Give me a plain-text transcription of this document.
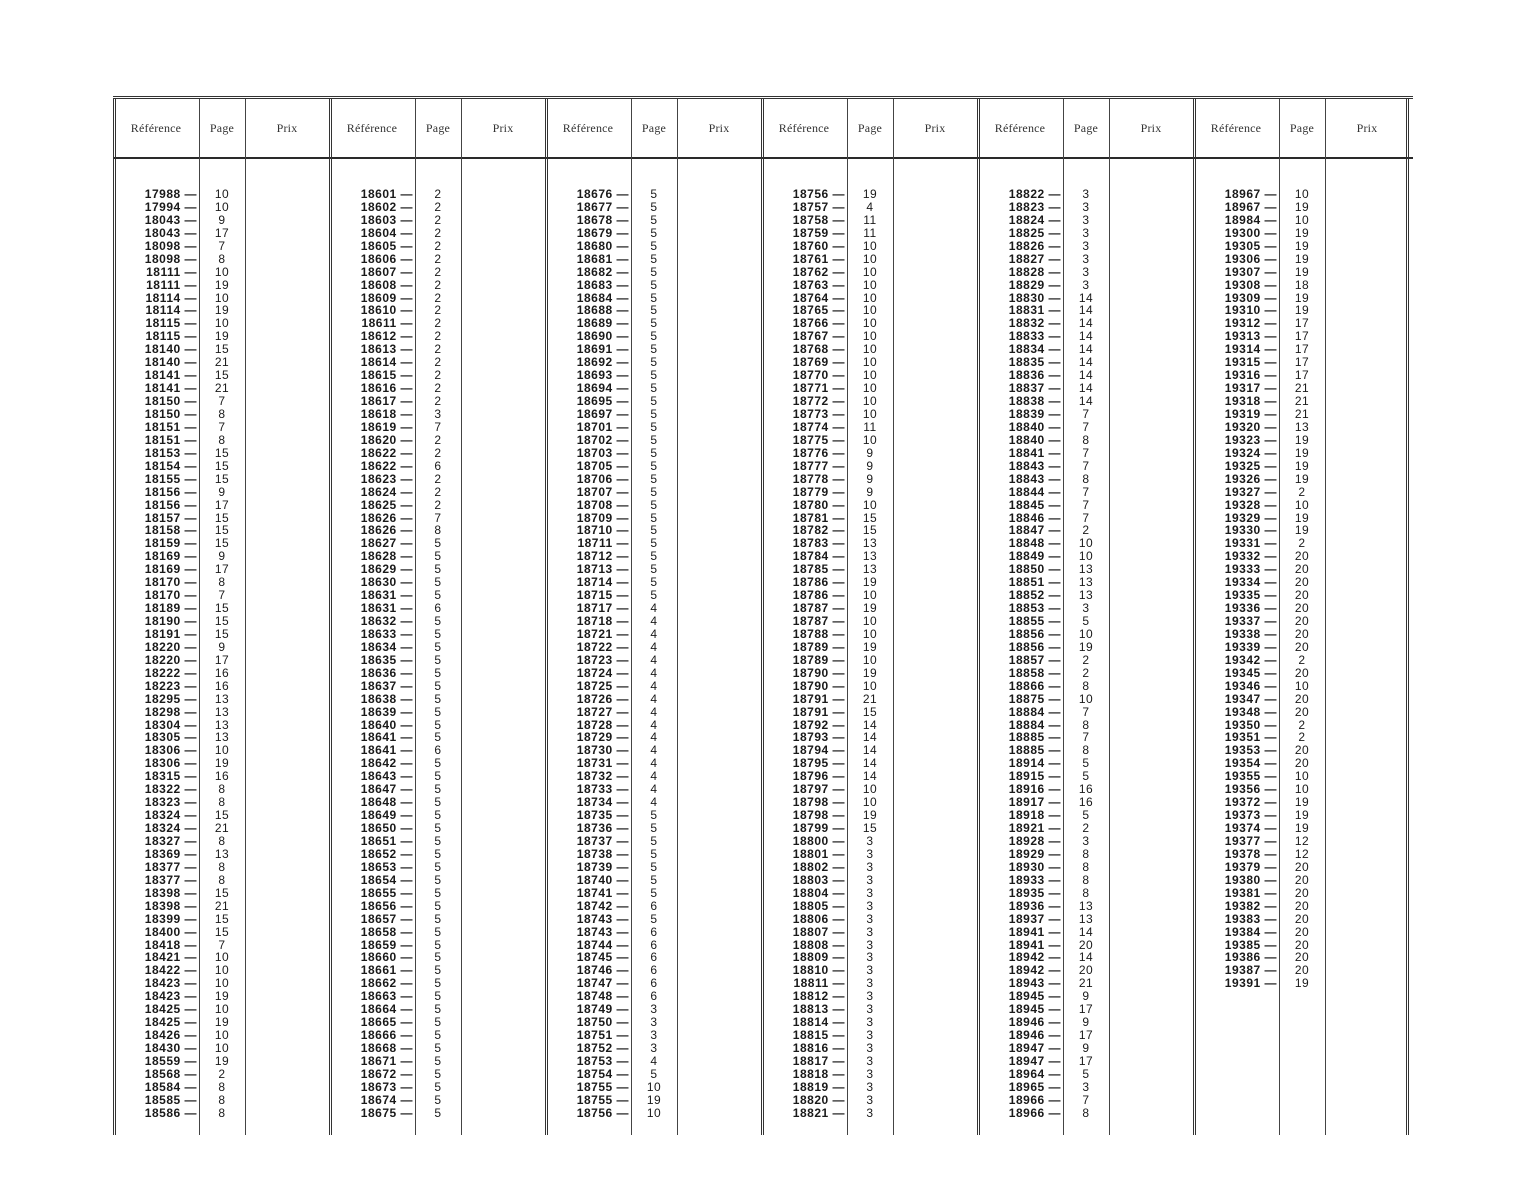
Référence	Page	Prix
17988 —	10
17994 —	10
18043 —	9
18043 —	17
18098 —	7
18098 —	8
18111 —	10
18111 —	19
18114 —	10
18114 —	19
18115 —	10
18115 —	19
18140 —	15
18140 —	21
18141 —	15
18141 —	21
18150 —	7
18150 —	8
18151 —	7
18151 —	8
18153 —	15
18154 —	15
18155 —	15
18156 —	9
18156 —	17
18157 —	15
18158 —	15
18159 —	15
18169 —	9
18169 —	17
18170 —	8
18170 —	7
18189 —	15
18190 —	15
18191 —	15
18220 —	9
18220 —	17
18222 —	16
18223 —	16
18295 —	13
18298 —	13
18304 —	13
18305 —	13
18306 —	10
18306 —	19
18315 —	16
18322 —	8
18323 —	8
18324 —	15
18324 —	21
18327 —	8
18369 —	13
18377 —	8
18377 —	8
18398 —	15
18398 —	21
18399 —	15
18400 —	15
18418 —	7
18421 —	10
18422 —	10
18423 —	10
18423 —	19
18425 —	10
18425 —	19
18426 —	10
18430 —	10
18559 —	19
18568 —	2
18584 —	8
18585 —	8
18586 —	8
Référence	Page	Prix
18601 —	2
18602 —	2
18603 —	2
18604 —	2
18605 —	2
18606 —	2
18607 —	2
18608 —	2
18609 —	2
18610 —	2
18611 —	2
18612 —	2
18613 —	2
18614 —	2
18615 —	2
18616 —	2
18617 —	2
18618 —	3
18619 —	7
18620 —	2
18622 —	2
18622 —	6
18623 —	2
18624 —	2
18625 —	2
18626 —	7
18626 —	8
18627 —	5
18628 —	5
18629 —	5
18630 —	5
18631 —	5
18631 —	6
18632 —	5
18633 —	5
18634 —	5
18635 —	5
18636 —	5
18637 —	5
18638 —	5
18639 —	5
18640 —	5
18641 —	5
18641 —	6
18642 —	5
18643 —	5
18647 —	5
18648 —	5
18649 —	5
18650 —	5
18651 —	5
18652 —	5
18653 —	5
18654 —	5
18655 —	5
18656 —	5
18657 —	5
18658 —	5
18659 —	5
18660 —	5
18661 —	5
18662 —	5
18663 —	5
18664 —	5
18665 —	5
18666 —	5
18668 —	5
18671 —	5
18672 —	5
18673 —	5
18674 —	5
18675 —	5
Référence	Page	Prix
18676 —	5
18677 —	5
18678 —	5
18679 —	5
18680 —	5
18681 —	5
18682 —	5
18683 —	5
18684 —	5
18688 —	5
18689 —	5
18690 —	5
18691 —	5
18692 —	5
18693 —	5
18694 —	5
18695 —	5
18697 —	5
18701 —	5
18702 —	5
18703 —	5
18705 —	5
18706 —	5
18707 —	5
18708 —	5
18709 —	5
18710 —	5
18711 —	5
18712 —	5
18713 —	5
18714 —	5
18715 —	5
18717 —	4
18718 —	4
18721 —	4
18722 —	4
18723 —	4
18724 —	4
18725 —	4
18726 —	4
18727 —	4
18728 —	4
18729 —	4
18730 —	4
18731 —	4
18732 —	4
18733 —	4
18734 —	4
18735 —	5
18736 —	5
18737 —	5
18738 —	5
18739 —	5
18740 —	5
18741 —	5
18742 —	6
18743 —	5
18743 —	6
18744 —	6
18745 —	6
18746 —	6
18747 —	6
18748 —	6
18749 —	3
18750 —	3
18751 —	3
18752 —	3
18753 —	4
18754 —	5
18755 —	10
18755 —	19
18756 —	10
Référence	Page	Prix
18756 —	19
18757 —	4
18758 —	11
18759 —	11
18760 —	10
18761 —	10
18762 —	10
18763 —	10
18764 —	10
18765 —	10
18766 —	10
18767 —	10
18768 —	10
18769 —	10
18770 —	10
18771 —	10
18772 —	10
18773 —	10
18774 —	11
18775 —	10
18776 —	9
18777 —	9
18778 —	9
18779 —	9
18780 —	10
18781 —	15
18782 —	15
18783 —	13
18784 —	13
18785 —	13
18786 —	19
18786 —	10
18787 —	19
18787 —	10
18788 —	10
18789 —	19
18789 —	10
18790 —	19
18790 —	10
18791 —	21
18791 —	15
18792 —	14
18793 —	14
18794 —	14
18795 —	14
18796 —	14
18797 —	10
18798 —	10
18798 —	19
18799 —	15
18800 —	3
18801 —	3
18802 —	3
18803 —	3
18804 —	3
18805 —	3
18806 —	3
18807 —	3
18808 —	3
18809 —	3
18810 —	3
18811 —	3
18812 —	3
18813 —	3
18814 —	3
18815 —	3
18816 —	3
18817 —	3
18818 —	3
18819 —	3
18820 —	3
18821 —	3
Référence	Page	Prix
18822 —	3
18823 —	3
18824 —	3
18825 —	3
18826 —	3
18827 —	3
18828 —	3
18829 —	3
18830 —	14
18831 —	14
18832 —	14
18833 —	14
18834 —	14
18835 —	14
18836 —	14
18837 —	14
18838 —	14
18839 —	7
18840 —	7
18840 —	8
18841 —	7
18843 —	7
18843 —	8
18844 —	7
18845 —	7
18846 —	7
18847 —	2
18848 —	10
18849 —	10
18850 —	13
18851 —	13
18852 —	13
18853 —	3
18855 —	5
18856 —	10
18856 —	19
18857 —	2
18858 —	2
18866 —	8
18875 —	10
18884 —	7
18884 —	8
18885 —	7
18885 —	8
18914 —	5
18915 —	5
18916 —	16
18917 —	16
18918 —	5
18921 —	2
18928 —	3
18929 —	8
18930 —	8
18933 —	8
18935 —	8
18936 —	13
18937 —	13
18941 —	14
18941 —	20
18942 —	14
18942 —	20
18943 —	21
18945 —	9
18945 —	17
18946 —	9
18946 —	17
18947 —	9
18947 —	17
18964 —	5
18965 —	3
18966 —	7
18966 —	8
Référence	Page	Prix
18967 —	10
18967 —	19
18984 —	10
19300 —	19
19305 —	19
19306 —	19
19307 —	19
19308 —	18
19309 —	19
19310 —	19
19312 —	17
19313 —	17
19314 —	17
19315 —	17
19316 —	17
19317 —	21
19318 —	21
19319 —	21
19320 —	13
19323 —	19
19324 —	19
19325 —	19
19326 —	19
19327 —	2
19328 —	10
19329 —	19
19330 —	19
19331 —	2
19332 —	20
19333 —	20
19334 —	20
19335 —	20
19336 —	20
19337 —	20
19338 —	20
19339 —	20
19342 —	2
19345 —	20
19346 —	10
19347 —	20
19348 —	20
19350 —	2
19351 —	2
19353 —	20
19354 —	20
19355 —	10
19356 —	10
19372 —	19
19373 —	19
19374 —	19
19377 —	12
19378 —	12
19379 —	20
19380 —	20
19381 —	20
19382 —	20
19383 —	20
19384 —	20
19385 —	20
19386 —	20
19387 —	20
19391 —	19
